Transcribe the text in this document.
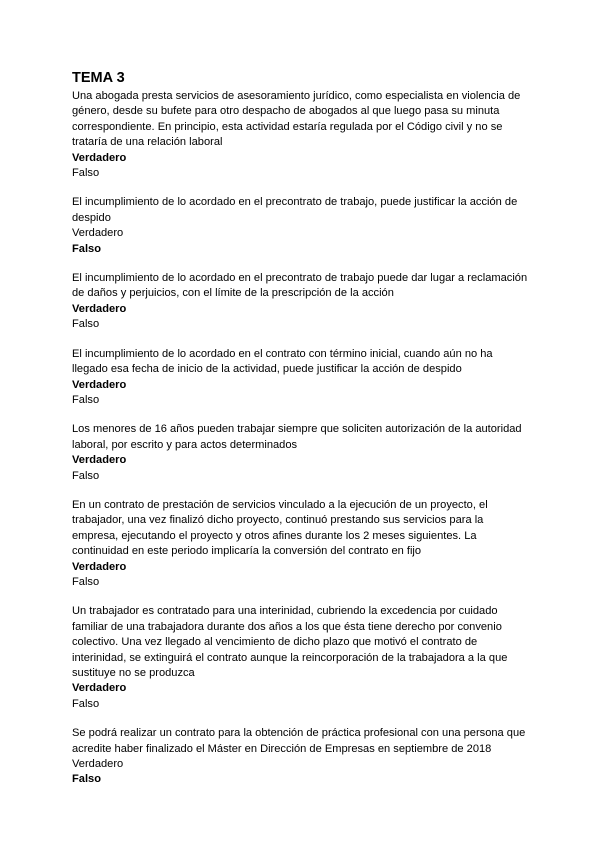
TEMA 3

Una abogada presta servicios de asesoramiento jurídico, como especialista en violencia de género, desde su bufete para otro despacho de abogados al que luego pasa su minuta correspondiente. En principio, esta actividad estaría regulada por el Código civil y no se trataría de una relación laboral

Verdadero

Falso

El incumplimiento de lo acordado en el precontrato de trabajo, puede justificar la acción de despido

Verdadero

Falso

El incumplimiento de lo acordado en el precontrato de trabajo puede dar lugar a reclamación de daños y perjuicios, con el límite de la prescripción de la acción

Verdadero

Falso

El incumplimiento de lo acordado en el contrato con término inicial, cuando aún no ha llegado esa fecha de inicio de la actividad, puede justificar la acción de despido

Verdadero

Falso

Los menores de 16 años pueden trabajar siempre que soliciten autorización de la autoridad laboral, por escrito y para actos determinados

Verdadero

Falso

En un contrato de prestación de servicios vinculado a la ejecución de un proyecto, el trabajador, una vez finalizó dicho proyecto, continuó prestando sus servicios para la empresa, ejecutando el proyecto y otros afines durante los 2 meses siguientes. La continuidad en este periodo implicaría la conversión del contrato en fijo

Verdadero

Falso

Un trabajador es contratado para una interinidad, cubriendo la excedencia por cuidado familiar de una trabajadora durante dos años a los que ésta tiene derecho por convenio colectivo. Una vez llegado al vencimiento de dicho plazo que motivó el contrato de interinidad, se extinguirá el contrato aunque la reincorporación de la trabajadora a la que sustituye no se produzca

Verdadero

Falso

Se podrá realizar un contrato para la obtención de práctica profesional con una persona que acredite haber finalizado el Máster en Dirección de Empresas en septiembre de 2018

Verdadero

Falso
